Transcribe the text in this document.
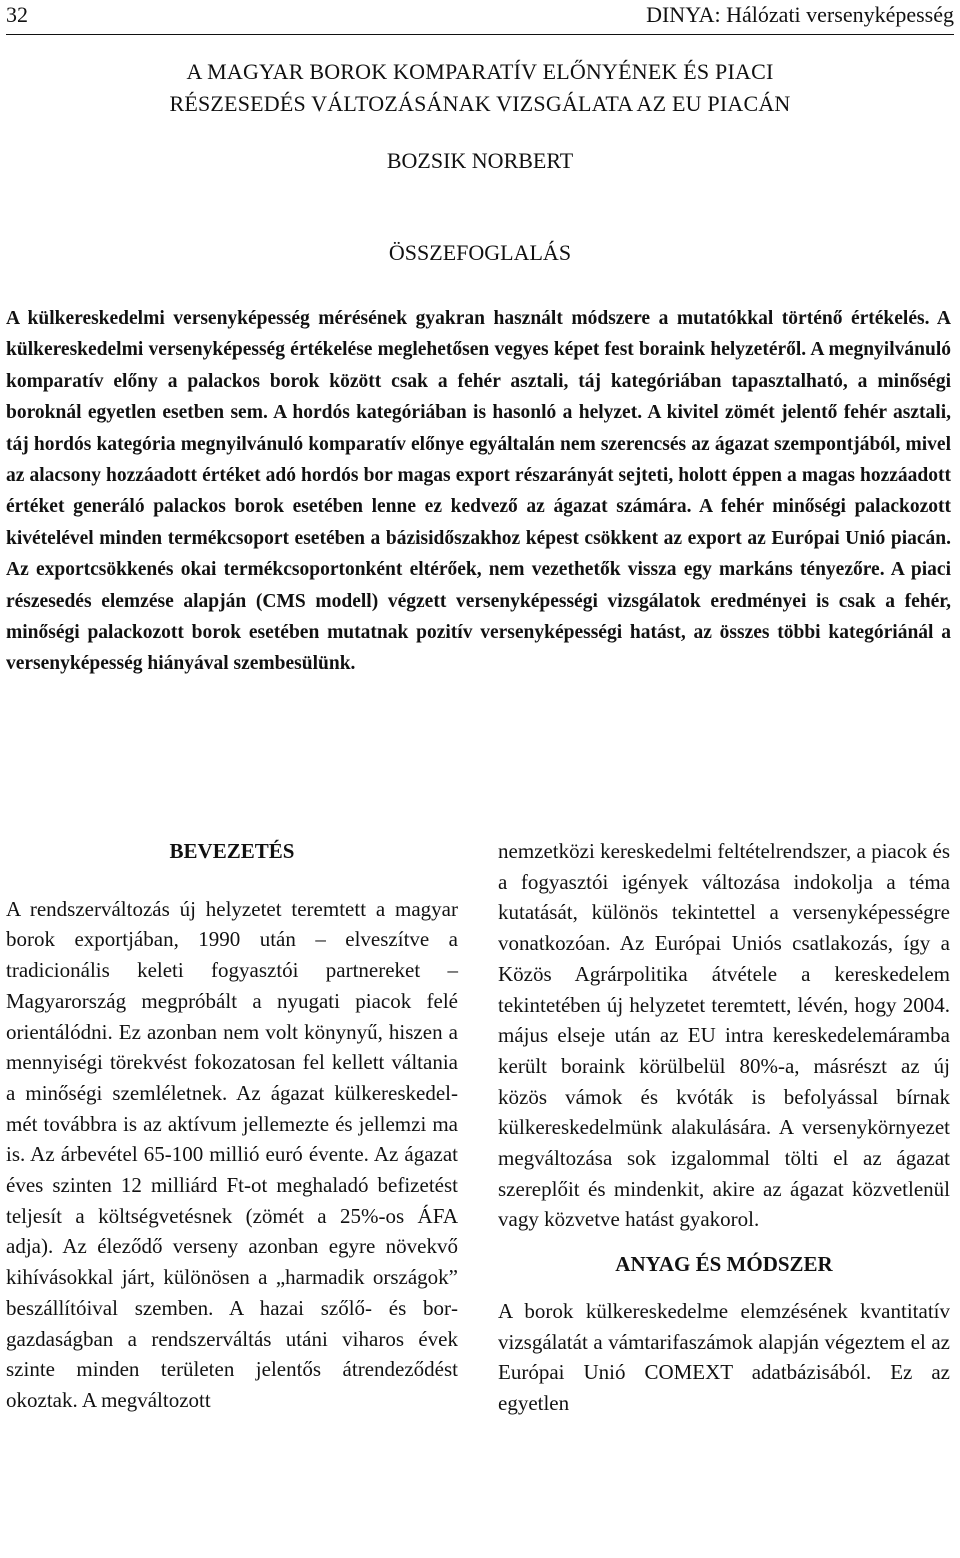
32	DINYA: Hálózati versenyképesség
A MAGYAR BOROK KOMPARATÍV ELŐNYÉNEK ÉS PIACI
RÉSZESEDÉS VÁLTOZÁSÁNAK VIZSGÁLATA AZ EU PIACÁN
BOZSIK NORBERT
ÖSSZEFOGLALÁS

A külkereskedelmi versenyképesség mérésének gyakran használt módszere a mutatókkal történő értékelés. A külkereskedelmi versenyképesség értékelése meglehetősen vegyes képet fest boraink helyzetéről. A megnyilvánuló komparatív előny a palackos borok között csak a fehér asztali, táj kategóriában tapasztalható, a minőségi boroknál egyetlen esetben sem. A hordós kategóriában is hasonló a helyzet. A kivitel zömét jelentő fehér asztali, táj hordós kategória megnyilvánuló komparatív előnye egyáltalán nem szerencsés az ágazat szempontjából, mivel az alacsony hozzáadott értéket adó hordós bor magas export részarányát sejteti, holott éppen a magas hozzáadott értéket generáló palackos borok esetében lenne ez kedvező az ágazat számára. A fehér minőségi palackozott kivételével minden termékcsoport esetében a bázisidőszakhoz képest csökkent az export az Európai Unió piacán. Az exportcsökkenés okai termékcsoportonként eltérőek, nem vezethetők vissza egy markáns tényezőre. A piaci részesedés elemzése alapján (CMS modell) végzett versenyképességi vizsgálatok eredményei is csak a fehér, minőségi palackozott borok esetében mutatnak pozitív versenyképességi hatást, az összes többi kategóriánál a versenyképesség hiányával szembesülünk.

BEVEZETÉS

A rendszerváltozás új helyzetet teremtett a magyar borok exportjában, 1990 után – elveszítve a tradicionális keleti fogyasztói partnereket – Magyarország megpróbált a nyugati piacok felé orientálódni. Ez azonban nem volt könynyű, hiszen a mennyiségi törekvést fokozatosan fel kellett váltania a minőségi szemléletnek. Az ágazat külkereskedelmét továbbra is az aktívum jellemezte és jellemzi ma is. Az árbevétel 65-100 millió euró évente. Az ágazat éves szinten 12 milliárd Ft-ot meghaladó befizetést teljesít a költségvetésnek (zömét a 25%-os ÁFA adja). Az éleződő verseny azonban egyre növekvő kihívásokkal járt, különösen a „harmadik országok” beszállítóival szemben. A hazai szőlő- és borgazdaságban a rendszerváltás utáni viharos évek szinte minden területen jelentős átrendeződést okoztak. A megváltozott

nemzetközi kereskedelmi feltételrendszer, a piacok és a fogyasztói igények változása indokolja a téma kutatását, különös tekintettel a versenyképességre vonatkozóan. Az Európai Uniós csatlakozás, így a Közös Agrárpolitika átvétele a kereskedelem tekintetében új helyzetet teremtett, lévén, hogy 2004. május elseje után az EU intra kereskedelemáramba került boraink körülbelül 80%-a, másrészt az új közös vámok és kvóták is befolyással bírnak külkereskedelmünk alakulására. A versenykörnyezet megváltozása sok izgalommal tölti el az ágazat szereplőit és mindenkit, akire az ágazat közvetlenül vagy közvetve hatást gyakorol.

ANYAG ÉS MÓDSZER

A borok külkereskedelme elemzésének kvantitatív vizsgálatát a vámtarifaszámok alapján végeztem el az Európai Unió COMEXT adatbázisából. Ez az egyetlen
